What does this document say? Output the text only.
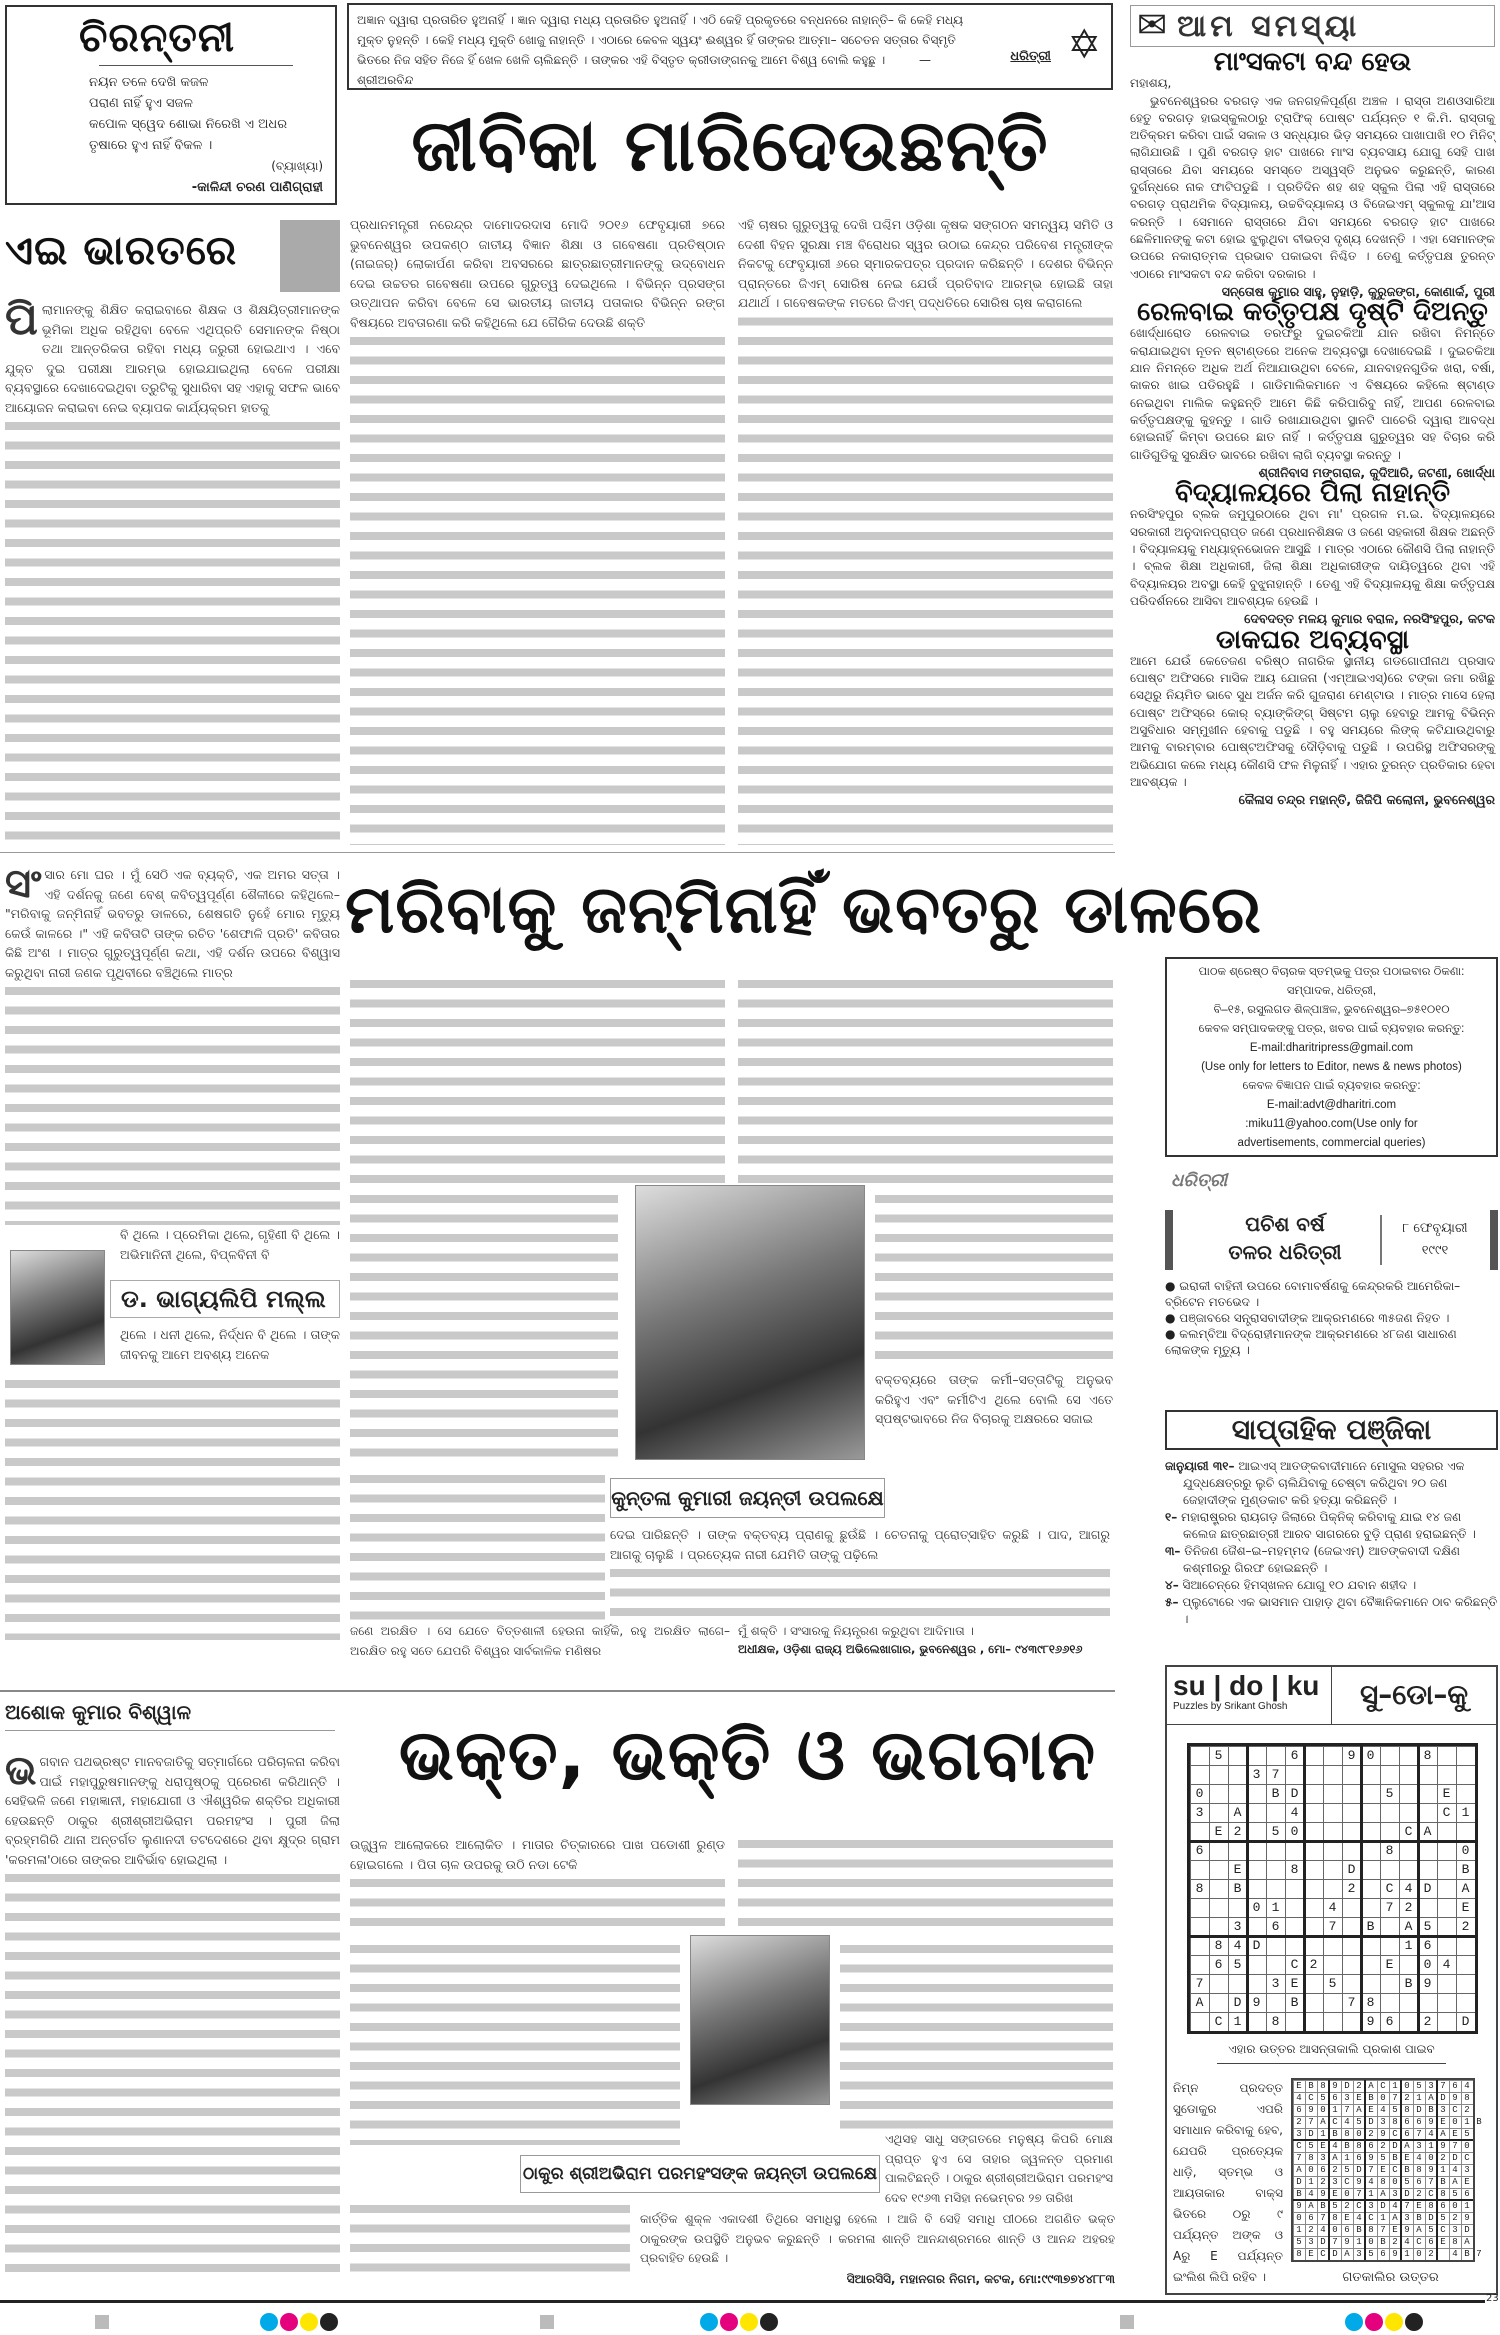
ଚିରନ୍ତନୀ
ନୟନ ତଳେ ଦେଖି କଜଳ
ପରାଣ ନାହିଁ ହୁଏ ସଜଳ
କପୋଳ ସ୍ୱେଦ ଶୋଭା ନିରେଖି ଏ ଅଧର
ତୃଷାରେ ହୁଏ ନାହିଁ ବିକଳ ।
(ବ୍ୟାଖ୍ୟା)
-କାଳିନ୍ଦୀ ଚରଣ ପାଣିଗ୍ରାହୀ
ଏଇ ଭାରତରେ
ପିଲାମାନଙ୍କୁ ଶିକ୍ଷିତ କରାଇବାରେ ଶିକ୍ଷକ ଓ ଶିକ୍ଷୟିତ୍ରୀମାନଙ୍କ ଭୂମିକା ଅଧିକ ରହିଥିବା ବେଳେ ଏଥିପ୍ରତି ସେମାନଙ୍କ ନିଷ୍ଠା ତଥା ଆନ୍ତରିକତା ରହିବା ମଧ୍ୟ ଜରୁରୀ ହୋଇଥାଏ । ଏବେ ଯୁକ୍ତ ଦୁଇ ପରୀକ୍ଷା ଆରମ୍ଭ ହୋଇଯାଇଥିଲା ବେଳେ ପରୀକ୍ଷା ବ୍ୟବସ୍ଥାରେ ଦେଖାଦେଇଥିବା ତ୍ରୁଟିକୁ ସୁଧାରିବା ସହ ଏହାକୁ ସଫଳ ଭାବେ ଆୟୋଜନ କରାଇବା ନେଇ ବ୍ୟାପକ କାର୍ଯ୍ୟକ୍ରମ ହାତକୁ
ଅଜ୍ଞାନ ଦ୍ୱାରା ପ୍ରତାରିତ ହୁଅନାହିଁ । ଜ୍ଞାନ ଦ୍ୱାରା ମଧ୍ୟ ପ୍ରତାରିତ ହୁଅନାହିଁ । ଏଠି କେହି ପ୍ରକୃତରେ ବନ୍ଧନରେ ନାହାନ୍ତି– କି କେହି ମଧ୍ୟ ମୁକ୍ତ ନୁହନ୍ତି । କେହି ମଧ୍ୟ ମୁକ୍ତି ଖୋଜୁ ନାହାନ୍ତି । ଏଠାରେ କେବଳ ସ୍ୱୟଂ ଈଶ୍ୱର ହିଁ ତାଙ୍କର ଆତ୍ମା– ସଚେତନ ସତ୍ତାର ବିସ୍ମୃତି ଭିତରେ ନିଜ ସହିତ ନିଜେ ହିଁ ଖେଳ ଖେଳି ଚାଲିଛନ୍ତି । ତାଙ୍କର ଏହି ବିସ୍ତୃତ କ୍ରୀଡାଙ୍ଗନକୁ ଆମେ ବିଶ୍ୱ ବୋଲି କହୁଛୁ ।	—ଶ୍ରୀଅରବିନ୍ଦ
ଧରିତ୍ରୀ ✡
ଜୀବିକା ମାରିଦେଉଛନ୍ତି
ପ୍ରଧାନମନ୍ତ୍ରୀ ନରେନ୍ଦ୍ର ଦାମୋଦରଦାସ ମୋଦି ୨୦୧୬ ଫେବୃୟାରୀ ୭ରେ ଭୁବନେଶ୍ୱର ଉପକଣ୍ଠ ଜାତୀୟ ବିଜ୍ଞାନ ଶିକ୍ଷା ଓ ଗବେଷଣା ପ୍ରତିଷ୍ଠାନ (ନାଇଜର୍) ଲୋକାର୍ପଣ କରିବା ଅବସରରେ ଛାତ୍ରଛାତ୍ରୀମାନଙ୍କୁ ଉଦ୍‌ବୋଧନ ଦେଇ ଉଚ୍ଚତର ଗବେଷଣା ଉପରେ ଗୁରୁତ୍ୱ ଦେଇଥିଲେ । ବିଭିନ୍ନ ପ୍ରସଙ୍ଗ ଉତ୍‌ଥାପନ କରିବା ବେଳେ ସେ ଭାରତୀୟ ଜାତୀୟ ପତାକାର ବିଭିନ୍ନ ରଙ୍ଗ ବିଷୟରେ ଅବତାରଣା କରି କହିଥିଲେ ଯେ ଗୈରିକ ଦେଉଛି ଶକ୍ତି
ଏହି ଚାଷର ଗୁରୁତ୍ୱକୁ ଦେଖି ପଶ୍ଚିମ ଓଡ଼ିଶା କୃଷକ ସଙ୍ଗଠନ ସମନ୍ୱୟ ସମିତି ଓ ଦେଶୀ ବିହନ ସୁରକ୍ଷା ମଞ୍ଚ ବିରୋଧର ସ୍ୱର ଉଠାଇ କେନ୍ଦ୍ର ପରିବେଶ ମନ୍ତ୍ରୀଙ୍କ ନିକଟକୁ ଫେବୃୟାରୀ ୬ରେ ସ୍ମାରକପତ୍ର ପ୍ରଦାନ କରିଛନ୍ତି । ଦେଶର ବିଭିନ୍ନ ପ୍ରାନ୍ତରେ ଜିଏମ୍ ସୋରିଷ ନେଇ ଯେଉଁ ପ୍ରତିବାଦ ଆରମ୍ଭ ହୋଇଛି ତାହା ଯଥାର୍ଥ । ଗବେଷକଙ୍କ ମତରେ ଜିଏମ୍ ପଦ୍ଧତିରେ ସୋରିଷ ଚାଷ କରାଗଲେ
✉ ଆମ ସମସ୍ୟା
ମାଂସକଟା ବନ୍ଦ ହେଉ
ମହାଶୟ,
ଭୁବନେଶ୍ୱରର ବରଗଡ଼ ଏକ ଜନଗହଳିପୂର୍ଣ୍ଣ ଅଞ୍ଚଳ । ରାସ୍ତା ଅଣଓସାରିଆ ହେତୁ ବରଗଡ଼ ହାଇସ୍କୁଲଠାରୁ ଟ୍ରାଫିକ୍ ପୋଷ୍ଟ ପର୍ଯ୍ୟନ୍ତ ୧ କି.ମି. ରାସ୍ତାକୁ ଅତିକ୍ରମ କରିବା ପାଇଁ ସକାଳ ଓ ସନ୍ଧ୍ୟାର ଭିଡ଼ ସମୟରେ ପାଖାପାଖି ୧୦ ମିନିଟ୍ ଲାଗିଯାଉଛି । ପୁଣି ବରଗଡ଼ ହାଟ ପାଖରେ ମାଂସ ବ୍ୟବସାୟ ଯୋଗୁ ସେହି ପାଖ ରାସ୍ତାରେ ଯିବା ସମୟରେ ସମସ୍ତେ ଅସ୍ୱସ୍ତି ଅନୁଭବ କରୁଛନ୍ତି, କାରଣ ଦୁର୍ଗନ୍ଧରେ ନାକ ଫାଟିପଡୁଛି । ପ୍ରତିଦିନ ଶହ ଶହ ସ୍କୁଲ ପିଲା ଏହି ରାସ୍ତାରେ ବରଗଡ଼ ପ୍ରାଥମିକ ବିଦ୍ୟାଳୟ, ଉଚ୍ଚବିଦ୍ୟାଳୟ ଓ ବିଜେଇଏମ୍ ସ୍କୁଲକୁ ଯା'ଆସ କରନ୍ତି । ସେମାନେ ରାସ୍ତାରେ ଯିବା ସମୟରେ ବରଗଡ଼ ହାଟ ପାଖରେ ଛେଳିମାନଙ୍କୁ କଟା ହୋଇ ଝୁଲୁଥିବା ବୀଭତ୍ସ ଦୃଶ୍ୟ ଦେଖନ୍ତି । ଏହା ସେମାନଙ୍କ ଉପରେ ନକାରାତ୍ମକ ପ୍ରଭାବ ପକାଇବା ନିଶ୍ଚିତ । ତେଣୁ କର୍ତ୍ତୃପକ୍ଷ ତୁରନ୍ତ ଏଠାରେ ମାଂସକଟା ବନ୍ଦ କରିବା ଦରକାର ।
ସନ୍ତୋଷ କୁମାର ସାହୁ, ନୁହାଡ଼ି, କୁରୁଜଙ୍ଗ, କୋଣାର୍କ, ପୁରୀ
ରେଳବାଇ କର୍ତ୍ତୃପକ୍ଷ ଦୃଷ୍ଟି ଦିଅନ୍ତୁ
ଖୋର୍ଦ୍ଧାରୋଡ ରେଳବାଇ ତରଫରୁ ଦୁଇଚକିଆ ଯାନ ରଖିବା ନିମନ୍ତେ କରାଯାଇଥିବା ନୂତନ ଷ୍ଟାଣ୍ଡରେ ଅନେକ ଅବ୍ୟବସ୍ଥା ଦେଖାଦେଇଛି । ଦୁଇଚକିଆ ଯାନ ନିମନ୍ତେ ଅଧିକ ଅର୍ଥ ନିଆଯାଉଥିବା ବେଳେ, ଯାନବାହନଗୁଡିକ ଖରା, ବର୍ଷା, କାକର ଖାଇ ପଡିରହୁଛି । ଗାଡିମାଲିକମାନେ ଏ ବିଷୟରେ କହିଲେ ଷ୍ଟାଣ୍ଡ ନେଇଥିବା ମାଲିକ କହୁଛନ୍ତି ଆମେ କିଛି କରିପାରିବୁ ନାହିଁ, ଆପଣ ରେଳବାଇ କର୍ତ୍ତୃପକ୍ଷଙ୍କୁ କୁହନ୍ତୁ । ଗାଡି ରଖାଯାଉଥିବା ସ୍ଥାନଟି ପାଚେରି ଦ୍ୱାରା ଆବଦ୍ଧ ହୋଇନାହିଁ କିମ୍ବା ଉପରେ ଛାତ ନାହିଁ । କର୍ତ୍ତୃପକ୍ଷ ଗୁରୁତ୍ୱର ସହ ବିଚାର କରି ଗାଡିଗୁଡିକୁ ସୁରକ୍ଷିତ ଭାବରେ ରଖିବା ଲାଗି ବ୍ୟବସ୍ଥା କରନ୍ତୁ ।
ଶ୍ରୀନିବାସ ମଙ୍ଗରାଜ, କୁଦିଆରି, ଜଟଣୀ, ଖୋର୍ଦ୍ଧା
ବିଦ୍ୟାଳୟରେ ପିଲା ନାହାନ୍ତି
ନରସିଂହପୁର ବ୍ଲକ ଜମୁପୁରଠାରେ ଥିବା ମା' ପ୍ରଗଳ ମ.ଇ. ବିଦ୍ୟାଳୟରେ ସରକାରୀ ଅନୁଦାନପ୍ରାପ୍ତ ଜଣେ ପ୍ରଧାନଶିକ୍ଷକ ଓ ଜଣେ ସହକାରୀ ଶିକ୍ଷକ ଅଛନ୍ତି । ବିଦ୍ୟାଳୟକୁ ମଧ୍ୟାହ୍ନଭୋଜନ ଆସୁଛି । ମାତ୍ର ଏଠାରେ କୌଣସି ପିଲା ନାହାନ୍ତି । ବ୍ଲକ ଶିକ୍ଷା ଅଧିକାରୀ, ଜିଲା ଶିକ୍ଷା ଅଧିକାରୀଙ୍କ ଦାୟିତ୍ୱରେ ଥିବା ଏହି ବିଦ୍ୟାଳୟର ଅବସ୍ଥା କେହି ବୁଝୁନାହାନ୍ତି । ତେଣୁ ଏହି ବିଦ୍ୟାଳୟକୁ ଶିକ୍ଷା କର୍ତ୍ତୃପକ୍ଷ ପରିଦର୍ଶନରେ ଆସିବା ଆବଶ୍ୟକ ହେଉଛି ।
ଦେବଦତ୍ତ ମଳୟ କୁମାର ବରାଳ, ନରସିଂହପୁର, କଟକ
ଡାକଘର ଅବ୍ୟବସ୍ଥା
ଆମେ ଯେଉଁ କେତେଜଣ ବରିଷ୍ଠ ନାଗରିକ ସ୍ଥାନୀୟ ଗଡଗୋପୀନାଥ ପ୍ରସାଦ ପୋଷ୍ଟ ଅଫିସରେ ମାସିକ ଆୟ ଯୋଜନା (ଏମ୍ଆଇଏସ୍)ରେ ଟଙ୍କା ଜମା ରଖିଛୁ ସେଥିରୁ ନିୟମିତ ଭାବେ ସୁଧ ଅର୍ଜନ କରି ଗୁଜରାଣ ମେଣ୍ଟାଉ । ମାତ୍ର ମାସେ ହେଲା ପୋଷ୍ଟ ଅଫିସ୍‌ରେ କୋର୍ ବ୍ୟାଙ୍କିଙ୍ଗ୍ ସିଷ୍ଟମ ଚାଲୁ ହେବାରୁ ଆମକୁ ବିଭିନ୍ନ ଅସୁବିଧାର ସମ୍ମୁଖୀନ ହେବାକୁ ପଡୁଛି । ବହୁ ସମୟରେ ଲିଙ୍କ୍ କଟିଯାଉଥିବାରୁ ଆମକୁ ବାରମ୍ବାର ପୋଷ୍ଟଅଫିସକୁ ଦୌଡ଼ିବାକୁ ପଡୁଛି । ଉପରିସ୍ଥ ଅଫିସରଙ୍କୁ ଅଭିଯୋଗ କଲେ ମଧ୍ୟ କୌଣସି ଫଳ ମିଳୁନାହିଁ । ଏହାର ତୁରନ୍ତ ପ୍ରତିକାର ହେବା ଆବଶ୍ୟକ ।
କୈଳାସ ଚନ୍ଦ୍ର ମହାନ୍ତି, ଜିଜିପି କଲୋନୀ, ଭୁବନେଶ୍ୱର
ପାଠକ ଶ୍ରେଷ୍ଠ ବିଚାରକ ସ୍ତମ୍ଭକୁ ପତ୍ର ପଠାଇବାର ଠିକଣା:
ସମ୍ପାଦକ, ଧରିତ୍ରୀ,
ବି–୧୫, ରସୁଲଗଡ ଶିଳ୍ପାଞ୍ଚଳ, ଭୁବନେଶ୍ୱର–୭୫୧୦୧୦
କେବଳ ସମ୍ପାଦକଙ୍କୁ ପତ୍ର, ଖବର ପାଇଁ ବ୍ୟବହାର କରନ୍ତୁ:
E-mail:dharitripress@gmail.com
(Use only for letters to Editor, news & news photos)
କେବଳ ବିଜ୍ଞାପନ ପାଇଁ ବ୍ୟବହାର କରନ୍ତୁ:
E-mail:advt@dharitri.com
:miku11@yahoo.com(Use only for
advertisements, commercial queries)
ଧରିତ୍ରୀ
ପଚିଶ ବର୍ଷ
ତଳର ଧରିତ୍ରୀ
୮ ଫେବୃୟାରୀ
୧୯୯୧
● ଇରାକୀ ବାହିନୀ ଉପରେ ବୋମାବର୍ଷଣକୁ କେନ୍ଦ୍ରକରି ଆମେରିକା–ବ୍ରିଟେନ ମତଭେଦ ।
● ପଞ୍ଜାବରେ ସନ୍ତ୍ରାସବାଦୀଙ୍କ ଆକ୍ରମଣରେ ୩୫ଜଣ ନିହତ ।
● କଲମ୍ବିଆ ବିଦ୍ରୋହୀମାନଙ୍କ ଆକ୍ରମଣରେ ୪୮ଜଣ ସାଧାରଣ ଲୋକଙ୍କ ମୃତ୍ୟୁ ।
ସାପ୍ତାହିକ ପଞ୍ଜିକା
ଜାନୁୟାରୀ ୩୧– ଆଇଏସ୍ ଆତଙ୍କବାଦୀମାନେ ମୋସୁଲ ସହରର ଏକ ଯୁଦ୍ଧକ୍ଷେତ୍ରରୁ ଲୁଚି ଚାଲିଯିବାକୁ ଚେଷ୍ଟା କରିଥିବା ୨୦ ଜଣ ଜେହାଦୀଙ୍କ ମୁଣ୍ଡକାଟ କରି ହତ୍ୟା କରିଛନ୍ତି ।
୧– ମହାରାଷ୍ଟ୍ରର ରାୟଗଡ଼ ଜିଲାରେ ପିକ୍‌ନିକ୍ କରିବାକୁ ଯାଇ ୧୪ ଜଣ କଲେଜ ଛାତ୍ରଛାତ୍ରୀ ଆରବ ସାଗରରେ ବୁଡ଼ି ପ୍ରାଣ ହରାଇଛନ୍ତି ।
୩– ତିନିଜଣ ଜୈଶ–ଇ–ମହମ୍ମଦ (ଜେଇଏମ୍) ଆତଙ୍କବାଦୀ ଦକ୍ଷିଣ କଶ୍ମୀରରୁ ଗିରଫ ହୋଇଛନ୍ତି ।
୪– ସିଆଚେନ୍‌ରେ ହିମସ୍ଖଳନ ଯୋଗୁ ୧୦ ଯବାନ ଶହୀଦ ।
୫– ପ୍ଲୁଟୋରେ ଏକ ଭାସମାନ ପାହାଡ଼ ଥିବା ବୈଜ୍ଞାନିକମାନେ ଠାବ କରିଛନ୍ତି ।
su | do | ku
Puzzles by Srikant Ghosh	ସୁ–ଡୋ–କୁ
5   6  90  8
37
0   BD    5  E
3 A  4       C1
E2 50     CA
6         8   0
E  8  D     B
8 B     2 C4D A
01  4  72  E
3 6  7 B A5 2
84D       16
65  C2   E 04
7   3E 5   B9
A D9 B  78
C1 8    96 2 D
ଏହାର ଉତ୍ତର ଆସନ୍ତାକାଲି ପ୍ରକାଶ ପାଇବ
ନିମ୍ନ ପ୍ରଦତ୍ତ ସୁଡୋକୁର ଏପରି ସମାଧାନ କରିବାକୁ ହେବ, ଯେପରି ପ୍ରତ୍ୟେକ ଧାଡ଼ି, ସ୍ତମ୍ଭ ଓ ଆୟତାକାର ବାକ୍ସ ଭିତରେ ୦ରୁ ୯ ପର୍ଯ୍ୟନ୍ତ ଅଙ୍କ ଓ Aରୁ E ପର୍ଯ୍ୟନ୍ତ ଇଂଲିଶ ଲିପି ରହିବ ।
EB89D2AC1053764
4C563EB0721AD98
69017AE458DB3C2
27AC45D38669E01B
3D1B8029C674AE5
C5E4B862DA31970
783A1695BE402DC
A0625D7ECB89143
D123C9480567BAE
B49E071A3D2C856
9AB52C3D47E8601
0678E4C1A3BD529
12406B87E9A5C3D
53D7910B24C6E8A
8ECDA3569102 4B7
ଗତକାଲିର ଉତ୍ତର
ମରିବାକୁ ଜନ୍ମିନାହିଁ ଭବତରୁ ଡାଳରେ
ସଂସାର ମୋ ଘର । ମୁଁ ସେଠି ଏକ ବ୍ୟକ୍ତି, ଏକ ଅମର ସତ୍ତା । ଏହି ଦର୍ଶନକୁ ଜଣେ ବେଶ୍ କବିତ୍ୱପୂର୍ଣ୍ଣ ଶୈଳୀରେ କହିଥିଲେ– "ମରିବାକୁ ଜନ୍ମିନାହିଁ ଭବତରୁ ଡାଳରେ, ଶେଷଗତି ନୁହେଁ ମୋର ମୃତ୍ୟୁ କେଉଁ କାଳରେ ।" ଏହି କବିତାଟି ତାଙ୍କ ରଚିତ 'ଶେଫାଳି ପ୍ରତି' କବିତାର କିଛି ଅଂଶ । ମାତ୍ର ଗୁରୁତ୍ୱପୂର୍ଣ୍ଣ କଥା, ଏହି ଦର୍ଶନ ଉପରେ ବିଶ୍ୱାସ କରୁଥିବା ନାରୀ ଜଣକ ପୃଥିବୀରେ ବଞ୍ଚିଥିଲେ ମାତ୍ର
ବି ଥିଲେ । ପ୍ରେମିକା ଥିଲେ, ଗୃହିଣୀ ବି ଥିଲେ । ଅଭିମାନିନୀ ଥିଲେ, ବିପ୍ଳବିନୀ ବି
ଡ. ଭାଗ୍ୟଲିପି ମଲ୍ଲ
ଥିଲେ । ଧନୀ ଥିଲେ, ନିର୍ଦ୍ଧନ ବି ଥିଲେ । ତାଙ୍କ ଜୀବନକୁ ଆମେ ଅବଶ୍ୟ ଅନେକ
ବକ୍ତବ୍ୟରେ ତାଙ୍କ କର୍ମୀ–ସତ୍ତାଟିକୁ ଅନୁଭବ କରିହୁଏ ଏବଂ କର୍ମୀଟିଏ ଥିଲେ ବୋଲି ସେ ଏତେ ସ୍ପଷ୍ଟଭାବରେ ନିଜ ବିଚାରକୁ ଅକ୍ଷରରେ ସଜାଇ
କୁନ୍ତଳା କୁମାରୀ ଜୟନ୍ତୀ ଉପଲକ୍ଷେ
ଦେଇ ପାରିଛନ୍ତି । ତାଙ୍କ ବକ୍ତବ୍ୟ ପ୍ରାଣକୁ ଛୁଉଁଛି । ଚେତନାକୁ ପ୍ରୋତ୍ସାହିତ କରୁଛି । ପାଦ, ଆଗରୁ ଆଗକୁ ଚାଲୁଛି । ପ୍ରତ୍ୟେକ ନାରୀ ଯେମିତି ତାଙ୍କୁ ପଢ଼ିଲେ
ଜଣେ ଅରକ୍ଷିତ । ସେ ଯେତେ ବିତ୍ତଶାଳୀ ହେଉନା କାହିଁକି, ରହୁ ଅରକ୍ଷିତ ଲାଗେ– ଅରକ୍ଷିତ ରହୁ ସତେ ଯେପରି ବିଶ୍ୱର ସାର୍ବକାଳିକ ମଣିଷର
ମୁଁ ଶକ୍ତି । ସଂସାରକୁ ନିୟନ୍ତ୍ରଣ କରୁଥିବା ଆଦିମାତା ।
ଅଧୀକ୍ଷକ, ଓଡ଼ିଶା ରାଜ୍ୟ ଅଭିଲେଖାଗାର, ଭୁବନେଶ୍ୱର , ମୋ– ୯୪୩୯୮୧୬୬୧୬
ଅଶୋକ କୁମାର ବିଶ୍ୱାଳ
ଭକ୍ତ, ଭକ୍ତି ଓ ଭଗବାନ
ଭଗବାନ ପଥଭ୍ରଷ୍ଟ ମାନବଜାତିକୁ ସତ୍‌ମାର୍ଗରେ ପରିଚାଳନା କରିବା ପାଇଁ ମହାପୁରୁଷମାନଙ୍କୁ ଧରାପୃଷ୍ଠକୁ ପ୍ରେରଣ କରିଥାନ୍ତି । ସେହିଭଳି ଜଣେ ମହାଜ୍ଞାନୀ, ମହାଯୋଗୀ ଓ ଐଶ୍ୱରିକ ଶକ୍ତିର ଅଧିକାରୀ ହେଉଛନ୍ତି ଠାକୁର ଶ୍ରୀଶ୍ରୀଅଭିରାମ ପରମହଂସ । ପୁରୀ ଜିଲା ବ୍ରହ୍ମଗିରି ଥାନା ଅନ୍ତର୍ଗତ ଲୁଣାନଦୀ ତଟଦେଶରେ ଥିବା କ୍ଷୁଦ୍ର ଗ୍ରାମ 'କରମଳା'ଠାରେ ତାଙ୍କର ଆବିର୍ଭାବ ହୋଇଥିଲା ।
ଉଜ୍ଜ୍ୱଳ ଆଲୋକରେ ଆଲୋକିତ । ମାତାର ଚିତ୍କାରରେ ପାଖ ପଡୋଶୀ ରୁଣ୍ଡ ହୋଇଗଲେ । ପିତା ଚାଳ ଉପରକୁ ଉଠି ନଡା ଟେକି
ଏଥିସହ ସାଧୁ ସଙ୍ଗତରେ ମନୁଷ୍ୟ କିପରି ମୋକ୍ଷ ପ୍ରାପ୍ତ ହୁଏ ସେ ତାହାର ଜ୍ୱଳନ୍ତ ପ୍ରମାଣ ପାଲଟିଛନ୍ତି । ଠାକୁର ଶ୍ରୀଶ୍ରୀଅଭିରାମ ପରମହଂସ ଦେବ ୧୯୬୩ ମସିହା ନଭେମ୍ବର ୨୭ ତାରିଖ
ଠାକୁର ଶ୍ରୀଅଭିରାମ ପରମହଂସଙ୍କ ଜୟନ୍ତୀ ଉପଲକ୍ଷେ
କାର୍ତ୍ତିକ ଶୁକ୍ଳ ଏକାଦଶୀ ତିଥିରେ ସମାଧିସ୍ଥ ହେଲେ । ଆଜି ବି ସେହି ସମାଧି ପୀଠରେ ଅଗଣିତ ଭକ୍ତ ଠାକୁରଙ୍କ ଉପସ୍ଥିତି ଅନୁଭବ କରୁଛନ୍ତି । କରମଳା ଶାନ୍ତି ଆନନ୍ଦାଶ୍ରମରେ ଶାନ୍ତି ଓ ଆନନ୍ଦ ଅହରହ ପ୍ରବାହିତ ହେଉଛି ।
ସିଆରସିସି, ମହାନଗର ନିଗମ, କଟକ, ମୋ:୯୯୩୭୭୪୪୮୮୩
23
